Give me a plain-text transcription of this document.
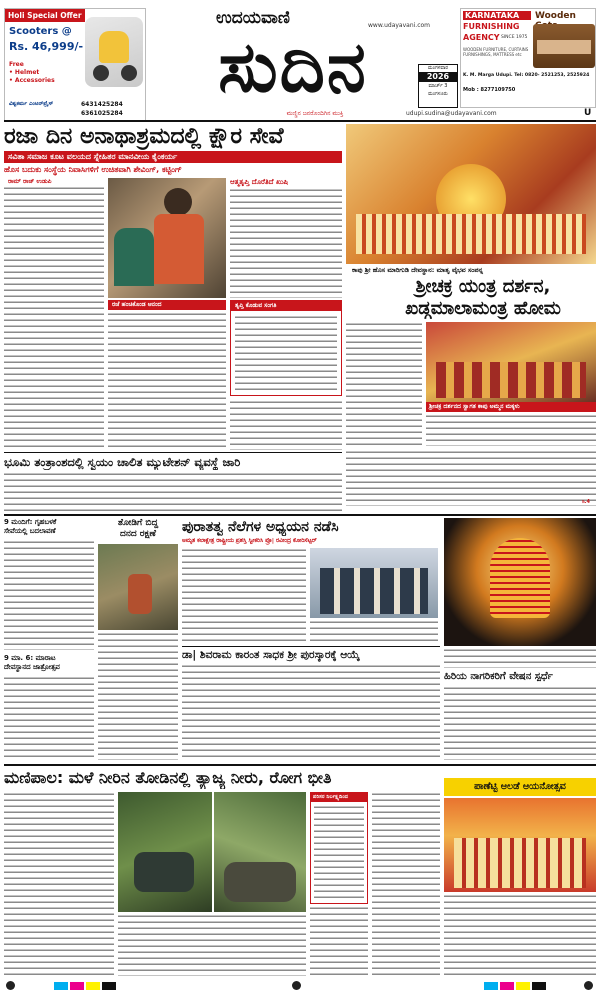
Holi Special Offer
Scooters @
Rs. 46,999/-
Free
• Helmet
• Accessories
ವಿಶ್ವಕರ್ಮ ಎಂಟರ್‌ಪ್ರೈಸ್	6431425284
6361025284
ಉದಯವಾಣಿ
ಸುದಿನ
www.udayavani.com
ಮಂಗಳವಾರ
2026
ಮಾರ್ಚ್ 3
ಮಂಗಳೂರು
ಮಣ್ಣಿನ ಜನರೊಂದಿಗಿನ ಮುಕ್ತಿ	udupi.sudina@udayavani.com	U
KARNATAKA
FURNISHING
AGENCY SINCE 1975
Wooden
WOODEN FURNITURE, CURTAINS FURNISHINGS, MATTRESS etc
K. M. Marga Udupi. Tel: 0820- 2521253, 2525924
Mob : 8277109750
ರಜಾ ದಿನ ಅನಾಥಾಶ್ರಮದಲ್ಲಿ ಕ್ಷೌರ ಸೇವೆ
ಸವಿತಾ ಸಮಾಜ ಕೂಟ ವಲಯದ ಸ್ನೇಹಿತರ ಮಾನವೀಯ ಕೈಂಕರ್ಯ
ಹೊಸ ಬದುಕು ಸಂಸ್ಥೆಯ ನಿವಾಸಿಗಳಿಗೆ ಉಚಿತವಾಗಿ ಶೇವಿಂಗ್, ಕಟ್ಟಿಂಗ್
ರಾಮ್ ರಾಜ್ ಉಡುಪಿ	ಆತ್ಮತೃಪ್ತಿ ದೊರೆತಿದೆ ಖುಷಿ
ರಜೆ ಹಂಚಿಕೊಂಡ ಆನಂದ	ತೃಪ್ತಿ ಕೊಡುವ ಸಂಗತಿ
ಕಾಪು ಶ್ರೀ ಹೊಸ ಮಾರಿಗುಡಿ ದೇವಸ್ಥಾನ: ಮಾತೃ ವೈಭವ ಸಂಪನ್ನ
ಶ್ರೀಚಕ್ರ ಯಂತ್ರ ದರ್ಶನ,
ಖಡ್ಗಮಾಲಾಮಂತ್ರ ಹೋಮ
ಶ್ರೀಚಕ್ರ ದರ್ಶನದ ಸ್ವಾಗತ ಕಾಪು ಅಮ್ಮನ ಮಕ್ಕಳು
ಭೂಮಿ ತಂತ್ರಾಂಶದಲ್ಲಿ ಸ್ವಯಂ ಚಾಲಿತ ಮ್ಯುಟೇಶನ್ ವ್ಯವಸ್ಥೆ ಜಾರಿ
ಸಿ.4
9 ಮಂದಿಗೆ: ಗೃಹಬಳಕೆ
ಸೇವೆಯಲ್ಲಿ ಬದಲಾವಣೆ
9 ಮಾ. 6: ಮಾರಾಟ
ದೇವಸ್ಥಾನದ ಜಾತ್ರೋತ್ಸವ
ತೋಡಿಗೆ ಬಿದ್ದ
ದನದ ರಕ್ಷಣೆ	ಪುರಾತತ್ವ ನೆಲೆಗಳ ಅಧ್ಯಯನ ನಡೆಸಿ
ಅಮೃತ ಕಲಾಕ್ಷೇತ್ರ ರಾಷ್ಟ್ರೀಯ ಪ್ರಶಸ್ತಿ ಸ್ವೀಕರಿಸಿ ಪ್ರೊ| ರವೀಂದ್ರ ಕೋರಿಸೆಟ್ಟರ್
ಡಾ| ಶಿವರಾಮ ಕಾರಂತ ಸಾಧಕ ಶ್ರೀ ಪುರಸ್ಕಾರಕ್ಕೆ ಆಯ್ಕೆ
ಹಿರಿಯ ನಾಗರಿಕರಿಗೆ ವೇಷನ ಸ್ಪರ್ಧೆ
ಮಣಿಪಾಲ: ಮಳೆ ನೀರಿನ ತೋಡಿನಲ್ಲಿ ತ್ಯಾಜ್ಯ ನೀರು, ರೋಗ ಭೀತಿ
ಪರಿಸರ ನಿರ್ಲಕ್ಷ್ಯದಿಂದ
ಪಾಣೆಟ್ಟಿ ಆಲಡೆ ಆಯನೋತ್ಸವ
